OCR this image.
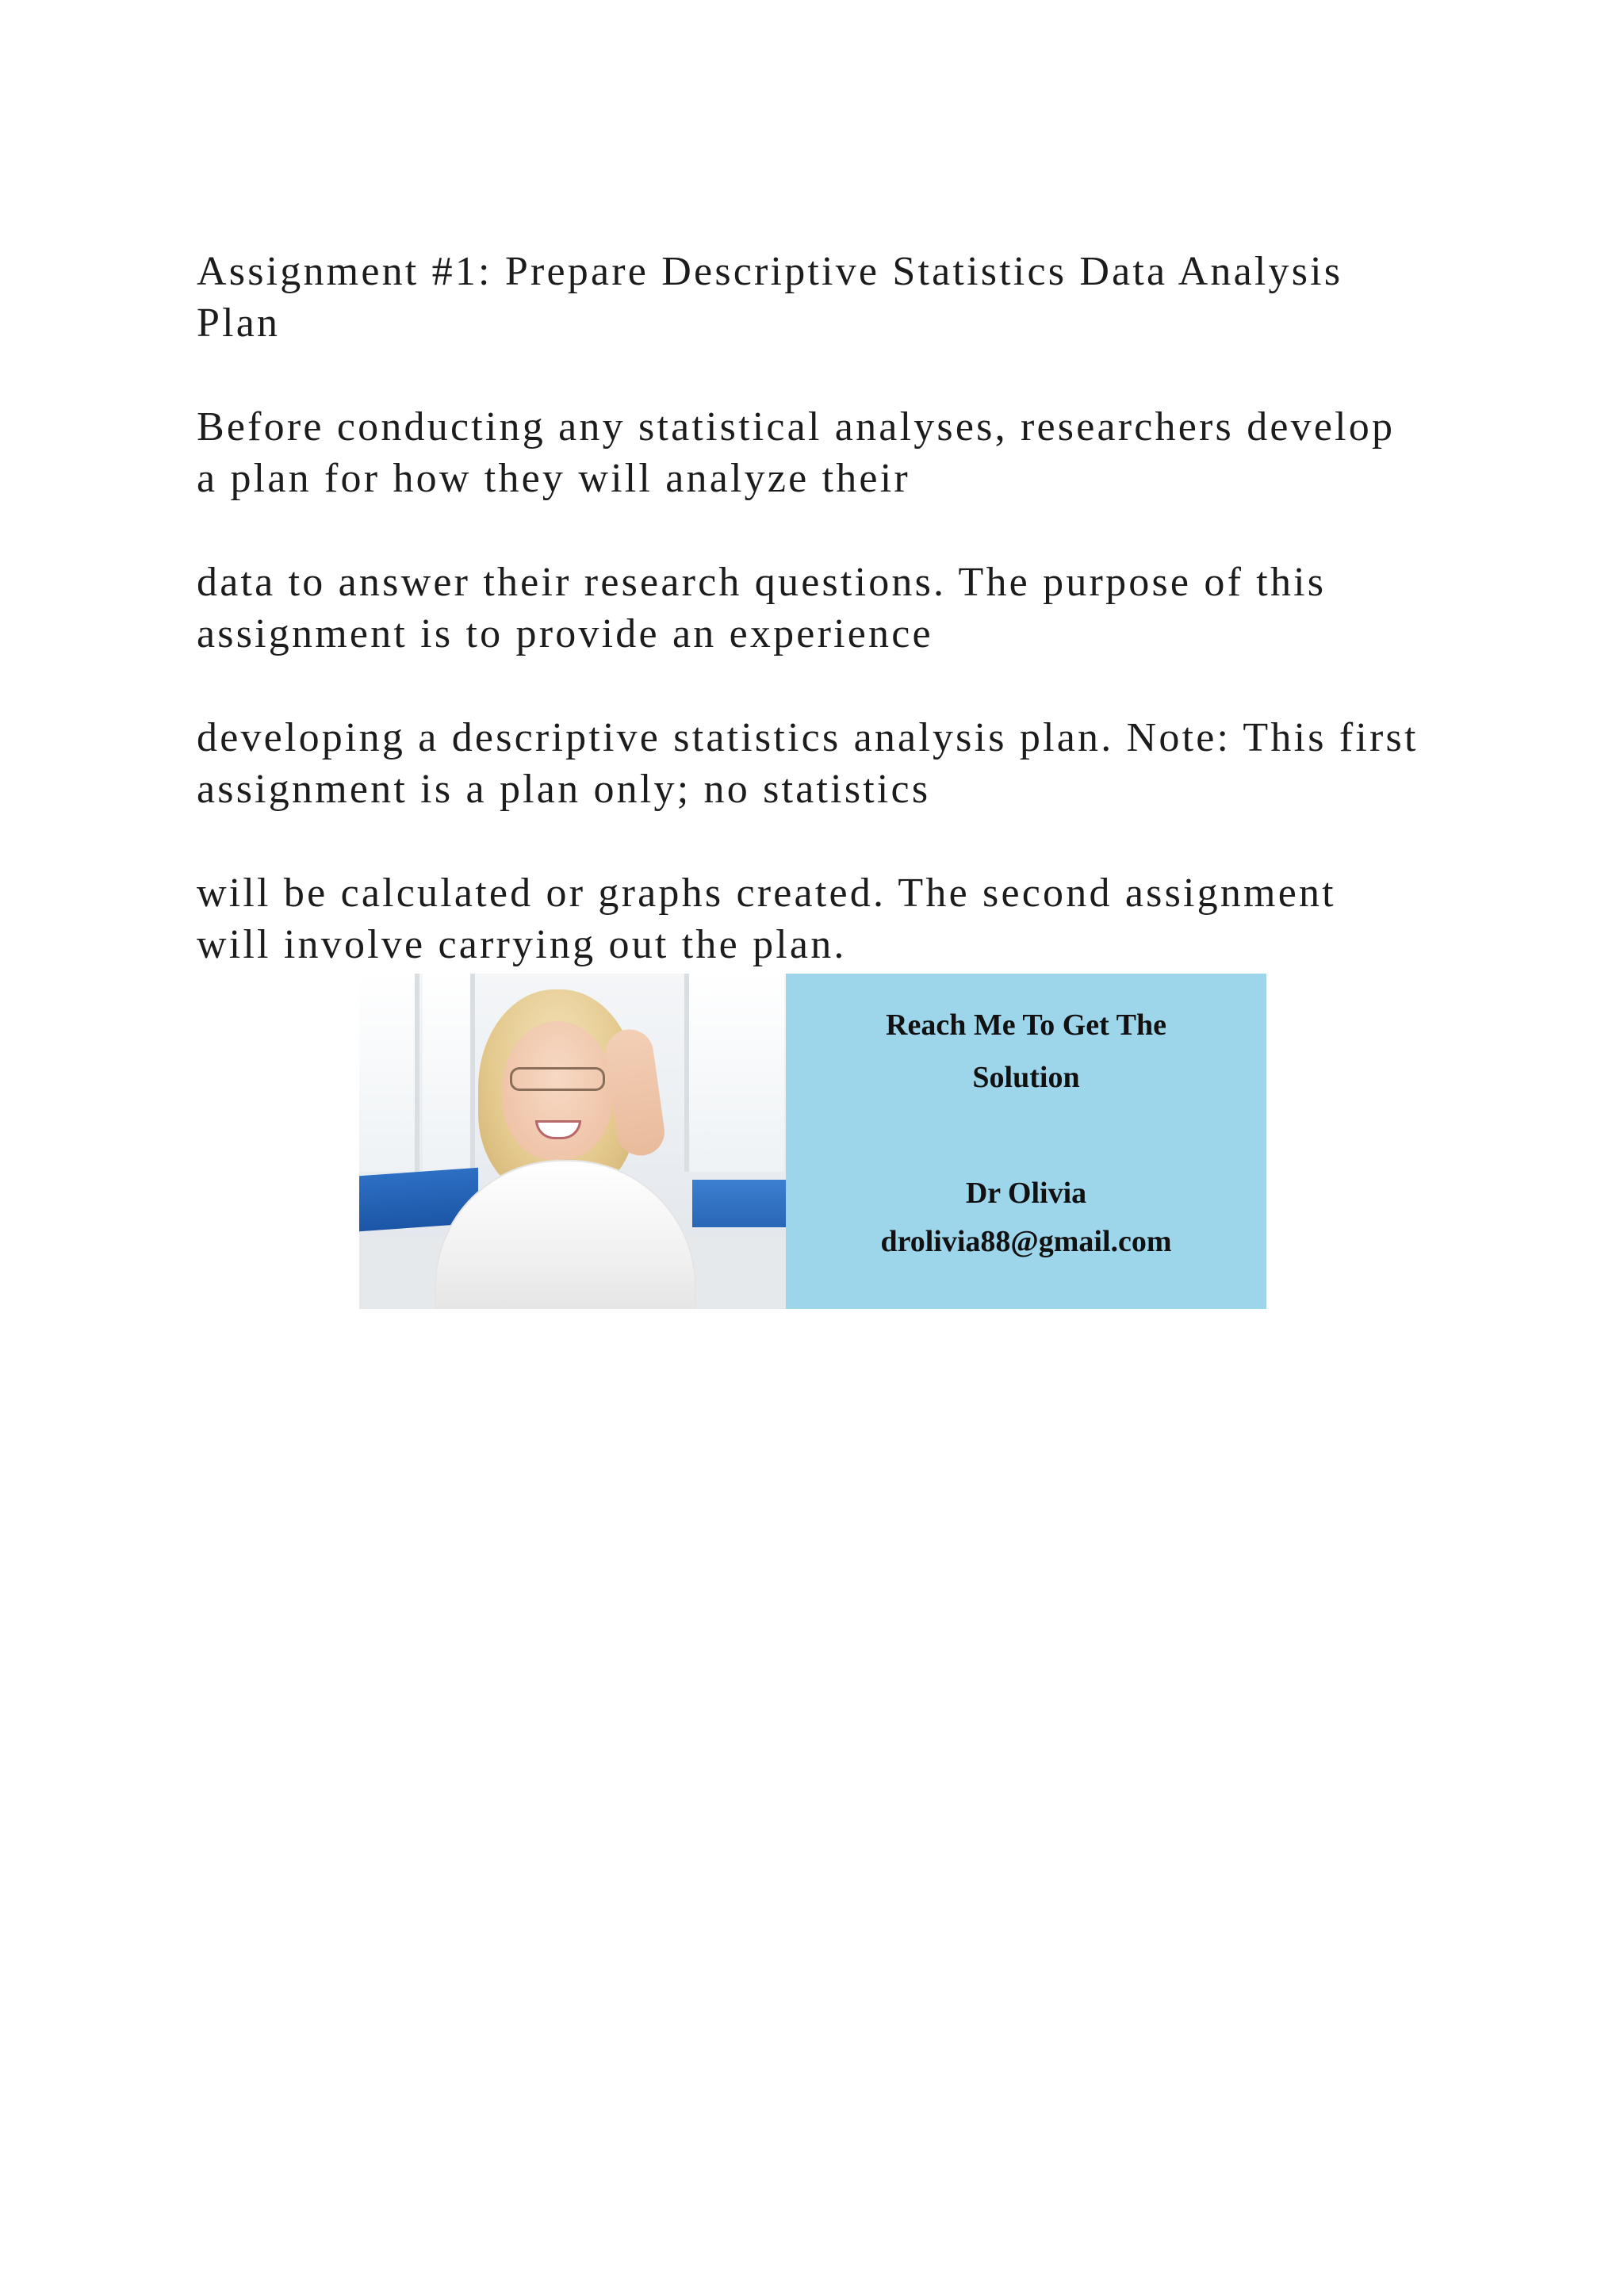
Assignment #1: Prepare Descriptive Statistics Data Analysis
Plan

Before conducting any statistical analyses, researchers develop
a plan for how they will analyze their

data to answer their research questions. The purpose of this
assignment is to provide an experience

developing a descriptive statistics analysis plan. Note: This first
assignment is a plan only; no statistics

will be calculated or graphs created. The second assignment
will involve carrying out the plan.

Reach Me To Get The
Solution
Dr Olivia
drolivia88@gmail.com
